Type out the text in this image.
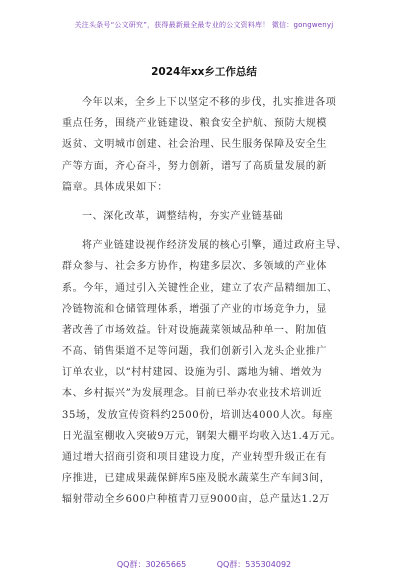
关注头条号“公文研究”，获得最新最全最专业的公文资料库！ 微信：gongwenyj
2024年xx乡工作总结
今年以来，全乡上下以坚定不移的步伐，扎实推进各项
重点任务，围绕产业链建设、粮食安全护航、预防大规模
返贫、文明城市创建、社会治理、民生服务保障及安全生
产等方面，齐心奋斗，努力创新，谱写了高质量发展的新
篇章。具体成果如下：
一、深化改革，调整结构，夯实产业链基础
将产业链建设视作经济发展的核心引擎，通过政府主导、
群众参与、社会多方协作，构建多层次、多领域的产业体
系。今年，通过引入关键性企业，建立了农产品精细加工、
冷链物流和仓储管理体系，增强了产业的市场竞争力，显
著改善了市场效益。针对设施蔬菜领域品种单一、附加值
不高、销售渠道不足等问题，我们创新引入龙头企业推广
订单农业，以“村村建园、设施为引、露地为辅、增效为
本、乡村振兴”为发展理念。目前已举办农业技术培训近
35场，发放宣传资料约2500份，培训达4000人次。每座
日光温室棚收入突破9万元，钢架大棚平均收入达1.4万元。
通过增大招商引资和项目建设力度，产业转型升级正在有
序推进，已建成果蔬保鲜库5座及脱水蔬菜生产车间3间，
辐射带动全乡600户种植青刀豆9000亩，总产量达1.2万
QQ群：30265665	QQ群：535304092
